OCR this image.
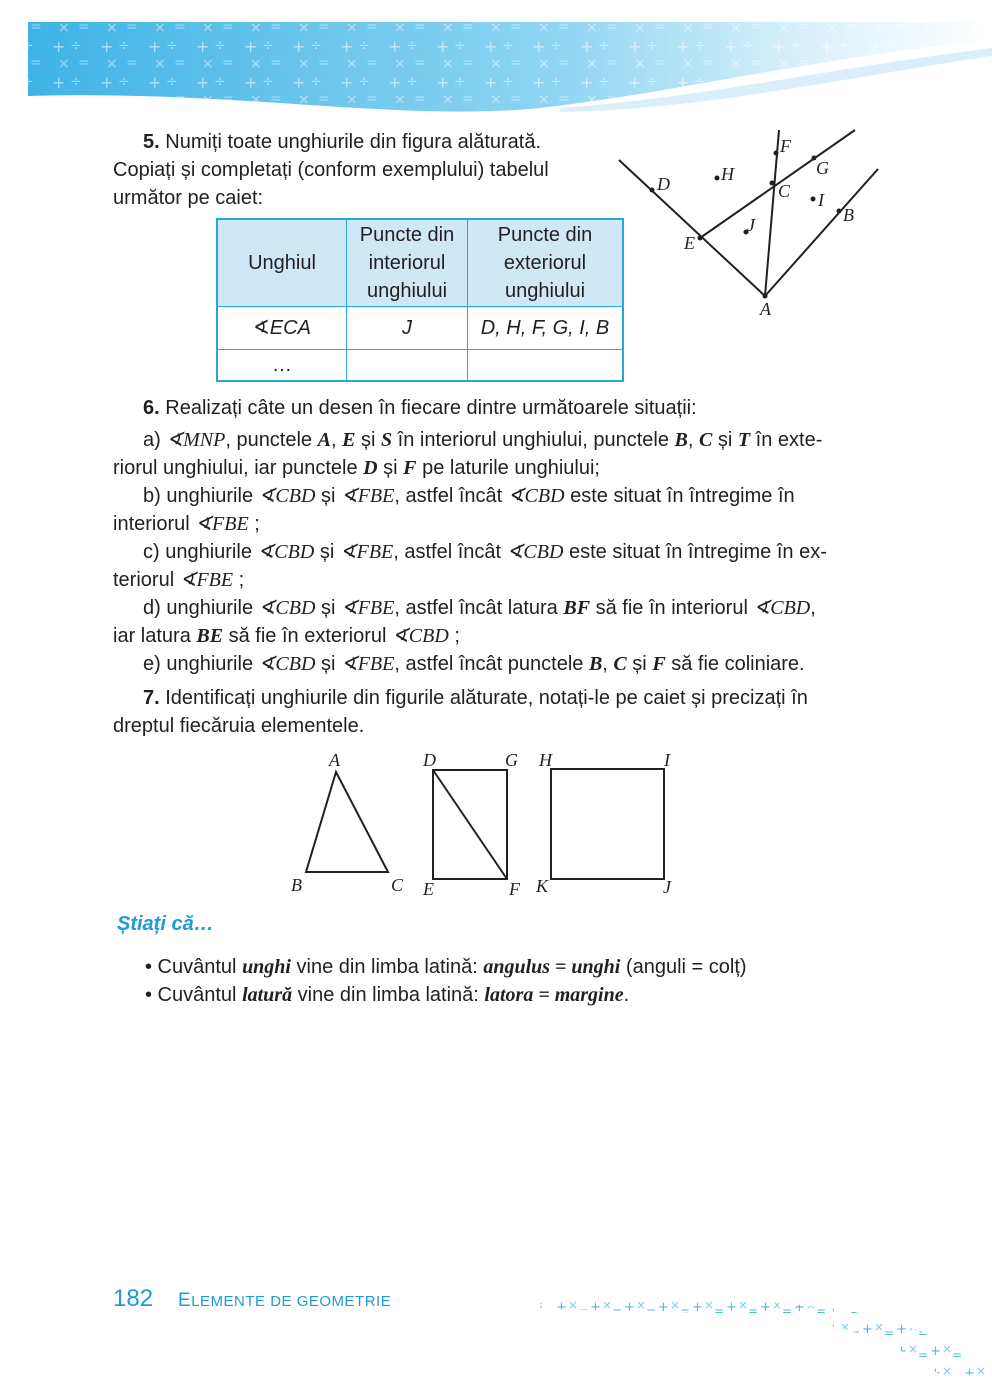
5. Numiți toate unghiurile din figura alăturată.

Copiați și completați (conform exemplului) tabelul

următor pe caiet:

Unghiul	Puncte din interiorul unghiului	Puncte din exteriorul unghiului
∢ECA	J	D, H, F, G, I, B
…		
F
G
D	H
C I
B
J
E
A

6. Realizați câte un desen în fiecare dintre următoarele situații:

a) ∢MNP, punctele A, E și S în interiorul unghiului, punctele B, C și T în exte-

riorul unghiului, iar punctele D și F pe laturile unghiului;

b) unghiurile ∢CBD și ∢FBE, astfel încât ∢CBD este situat în întregime în

interiorul ∢FBE ;

c) unghiurile ∢CBD și ∢FBE, astfel încât ∢CBD este situat în întregime în ex-

teriorul ∢FBE ;

d) unghiurile ∢CBD și ∢FBE, astfel încât latura BF să fie în interiorul ∢CBD,

iar latura BE să fie în exteriorul ∢CBD ;

e) unghiurile ∢CBD și ∢FBE, astfel încât punctele B, C și F să fie coliniare.

7. Identificați unghiurile din figurile alăturate, notați-le pe caiet și precizați în

dreptul fiecăruia elementele.

A
B	C
D	G
E	F
H	I
K	J
Știați că…
• Cuvântul unghi vine din limba latină: angulus = unghi (anguli = colț)
• Cuvântul latură vine din limba latină: latora = margine.
182 ELEMENTE DE GEOMETRIE
